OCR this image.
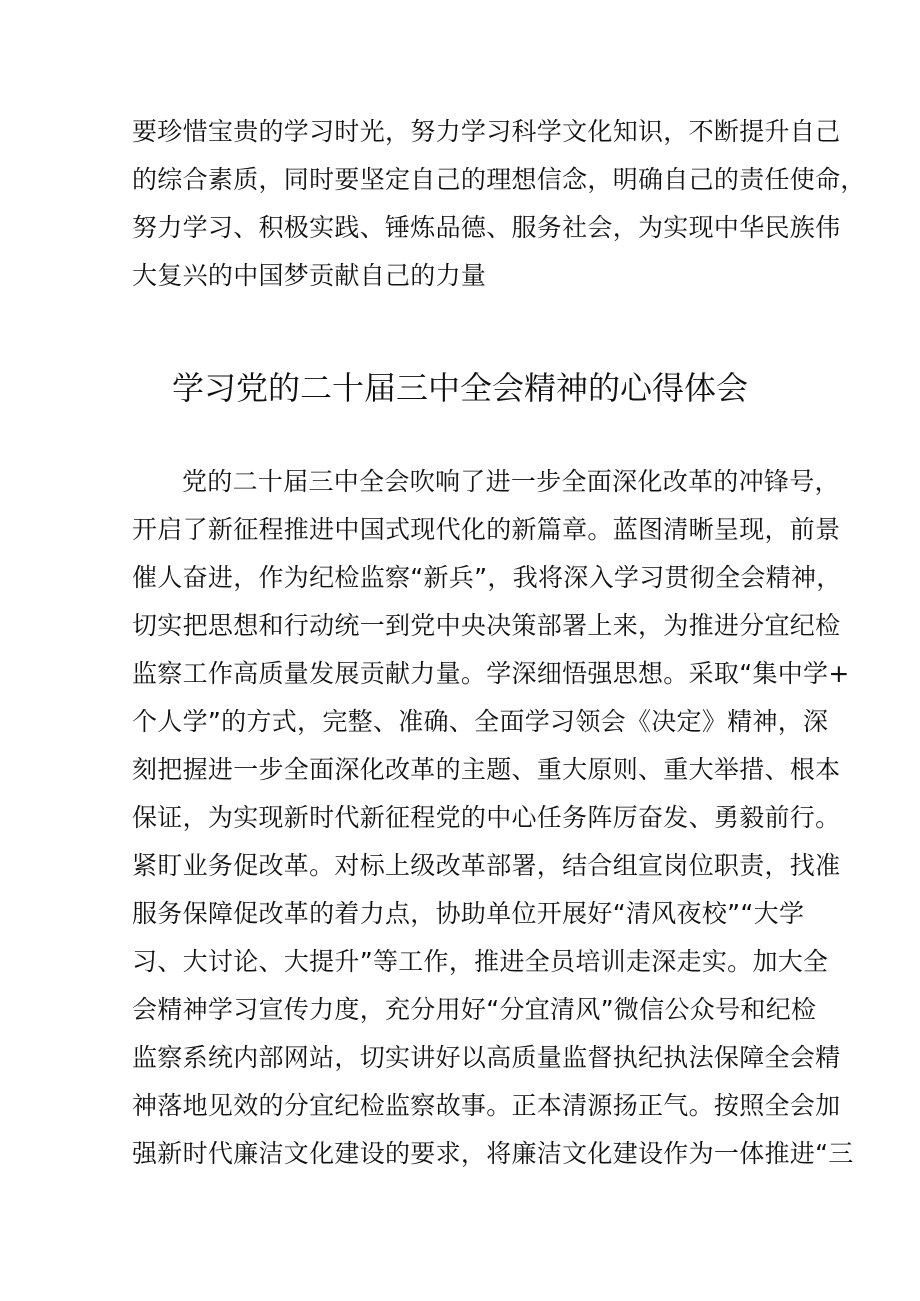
要珍惜宝贵的学习时光，努力学习科学文化知识，不断提升自己
的综合素质，同时要坚定自己的理想信念，明确自己的责任使命，
努力学习、积极实践、锤炼品德、服务社会，为实现中华民族伟
大复兴的中国梦贡献自己的力量
学习党的二十届三中全会精神的心得体会
党的二十届三中全会吹响了进一步全面深化改革的冲锋号，
开启了新征程推进中国式现代化的新篇章。蓝图清晰呈现，前景
催人奋进，作为纪检监察“新兵”，我将深入学习贯彻全会精神，
切实把思想和行动统一到党中央决策部署上来，为推进分宜纪检
监察工作高质量发展贡献力量。学深细悟强思想。采取“集中学+
个人学”的方式，完整、准确、全面学习领会《决定》精神，深
刻把握进一步全面深化改革的主题、重大原则、重大举措、根本
保证，为实现新时代新征程党的中心任务阵厉奋发、勇毅前行。
紧盯业务促改革。对标上级改革部署，结合组宣岗位职责，找准
服务保障促改革的着力点，协助单位开展好“清风夜校”“大学
习、大讨论、大提升”等工作，推进全员培训走深走实。加大全
会精神学习宣传力度，充分用好“分宜清风”微信公众号和纪检
监察系统内部网站，切实讲好以高质量监督执纪执法保障全会精
神落地见效的分宜纪检监察故事。正本清源扬正气。按照全会加
强新时代廉洁文化建设的要求，将廉洁文化建设作为一体推进“三
